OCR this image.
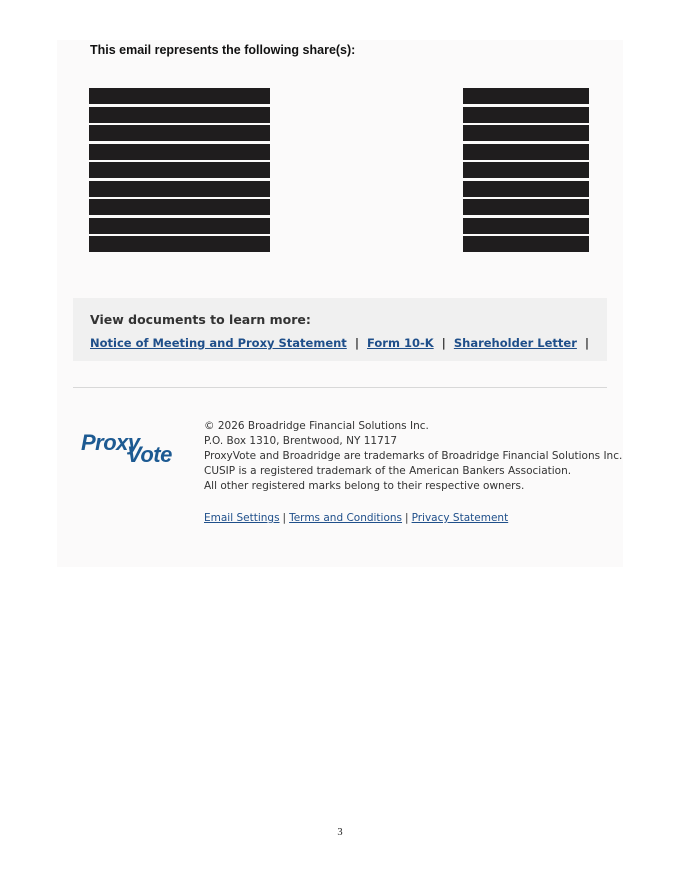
This email represents the following share(s):
View documents to learn more:
Notice of Meeting and Proxy Statement | Form 10-K | Shareholder Letter |
Proxy
Vote
© 2026 Broadridge Financial Solutions Inc.
P.O. Box 1310, Brentwood, NY 11717
ProxyVote and Broadridge are trademarks of Broadridge Financial Solutions Inc.
CUSIP is a registered trademark of the American Bankers Association.
All other registered marks belong to their respective owners.
Email Settings | Terms and Conditions | Privacy Statement
3
